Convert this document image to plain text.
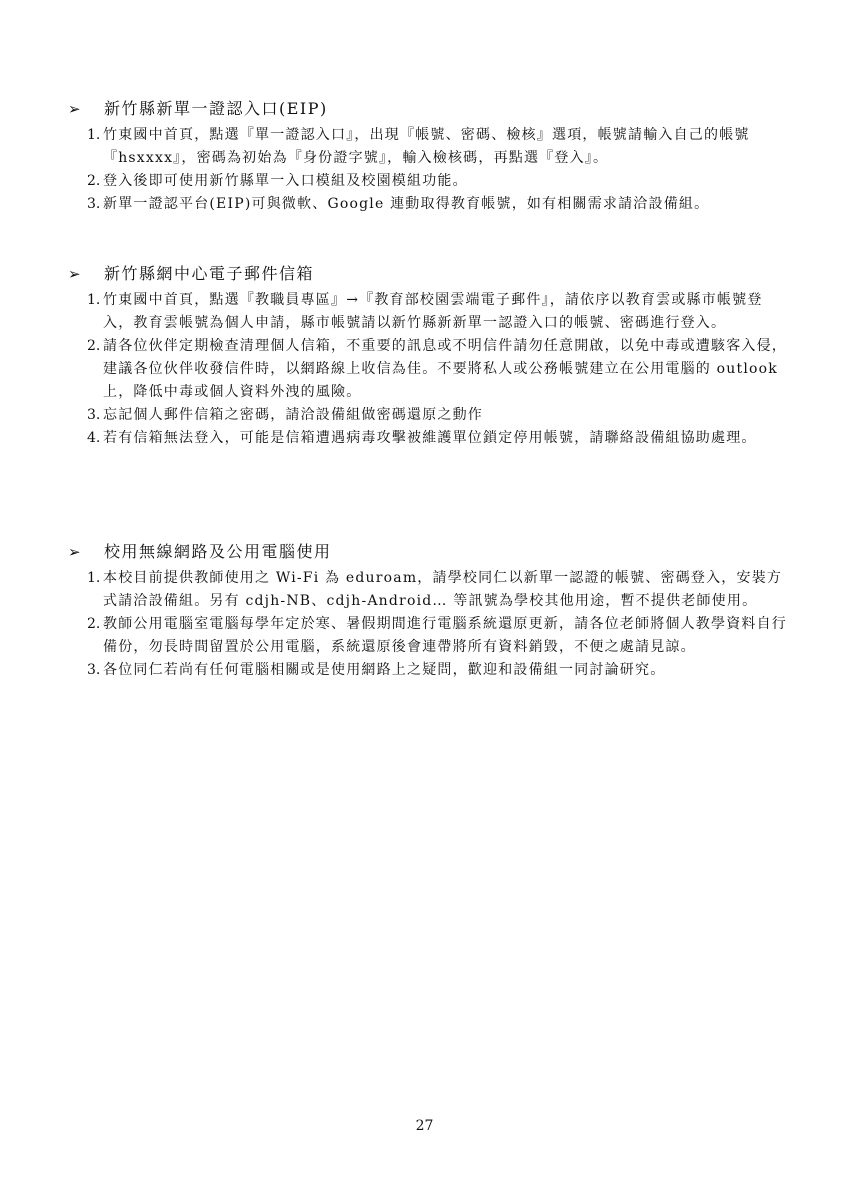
➢ 新竹縣新單一證認入口(EIP)
1. 竹東國中首頁，點選『單一證認入口』，出現『帳號、密碼、檢核』選項，帳號請輸入自己的帳號『hsxxxx』，密碼為初始為『身份證字號』，輸入檢核碼，再點選『登入』。
2. 登入後即可使用新竹縣單一入口模組及校園模組功能。
3. 新單一證認平台(EIP)可與微軟、Google 連動取得教育帳號，如有相關需求請洽設備組。
➢ 新竹縣網中心電子郵件信箱
1. 竹東國中首頁，點選『教職員專區』→『教育部校園雲端電子郵件』，請依序以教育雲或縣市帳號登入，教育雲帳號為個人申請，縣市帳號請以新竹縣新新單一認證入口的帳號、密碼進行登入。
2. 請各位伙伴定期檢查清理個人信箱，不重要的訊息或不明信件請勿任意開啟，以免中毒或遭駭客入侵，建議各位伙伴收發信件時，以網路線上收信為佳。不要將私人或公務帳號建立在公用電腦的 outlook 上，降低中毒或個人資料外洩的風險。
3. 忘記個人郵件信箱之密碼，請洽設備組做密碼還原之動作
4. 若有信箱無法登入，可能是信箱遭遇病毒攻擊被維護單位鎖定停用帳號，請聯絡設備組協助處理。
➢ 校用無線網路及公用電腦使用
1. 本校目前提供教師使用之 Wi-Fi 為 eduroam，請學校同仁以新單一認證的帳號、密碼登入，安裝方式請洽設備組。另有 cdjh-NB、cdjh-Android… 等訊號為學校其他用途，暫不提供老師使用。
2. 教師公用電腦室電腦每學年定於寒、暑假期間進行電腦系統還原更新，請各位老師將個人教學資料自行備份，勿長時間留置於公用電腦，系統還原後會連帶將所有資料銷毀，不便之處請見諒。
3. 各位同仁若尚有任何電腦相關或是使用網路上之疑問，歡迎和設備組一同討論研究。
27
